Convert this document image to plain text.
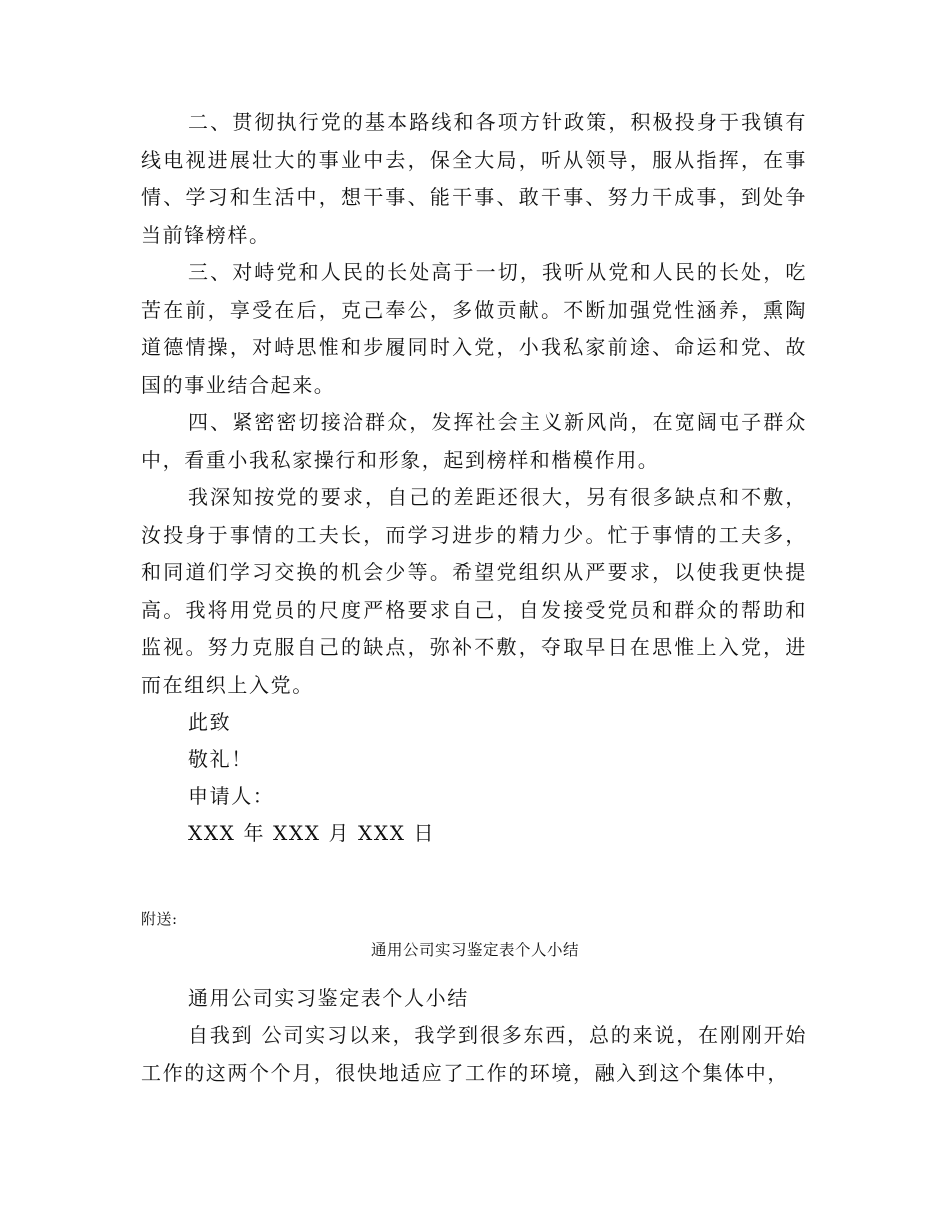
二、贯彻执行党的基本路线和各项方针政策，积极投身于我镇有线电视进展壮大的事业中去，保全大局，听从领导，服从指挥，在事情、学习和生活中，想干事、能干事、敢干事、努力干成事，到处争当前锋榜样。

三、对峙党和人民的长处高于一切，我听从党和人民的长处，吃苦在前，享受在后，克己奉公，多做贡献。不断加强党性涵养，熏陶道德情操，对峙思惟和步履同时入党，小我私家前途、命运和党、故国的事业结合起来。

四、紧密密切接洽群众，发挥社会主义新风尚，在宽阔屯子群众中，看重小我私家操行和形象，起到榜样和楷模作用。

我深知按党的要求，自己的差距还很大，另有很多缺点和不敷，汝投身于事情的工夫长，而学习进步的精力少。忙于事情的工夫多，和同道们学习交换的机会少等。希望党组织从严要求，以使我更快提高。我将用党员的尺度严格要求自己，自发接受党员和群众的帮助和监视。努力克服自己的缺点，弥补不敷，夺取早日在思惟上入党，进而在组织上入党。

此致

敬礼！

申请人：

XXX 年 XXX 月 XXX 日

附送:
通用公司实习鉴定表个人小结

通用公司实习鉴定表个人小结

自我到 公司实习以来，我学到很多东西，总的来说，在刚刚开始工作的这两个个月，很快地适应了工作的环境，融入到这个集体中，
